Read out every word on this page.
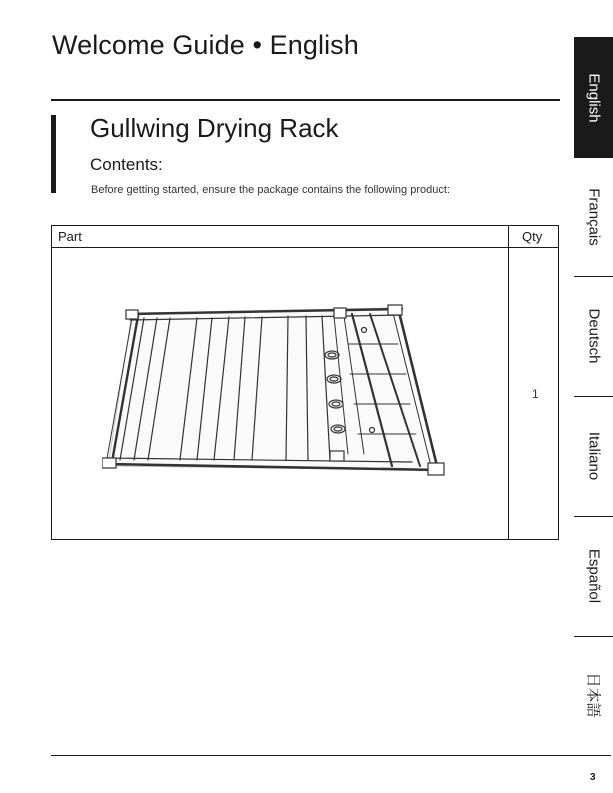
Welcome Guide • English
Gullwing Drying Rack
Contents:
Before getting started, ensure the package contains the following product:
Part	Qty
1
English
Français
Deutsch
Italiano
Español
日本語
3
